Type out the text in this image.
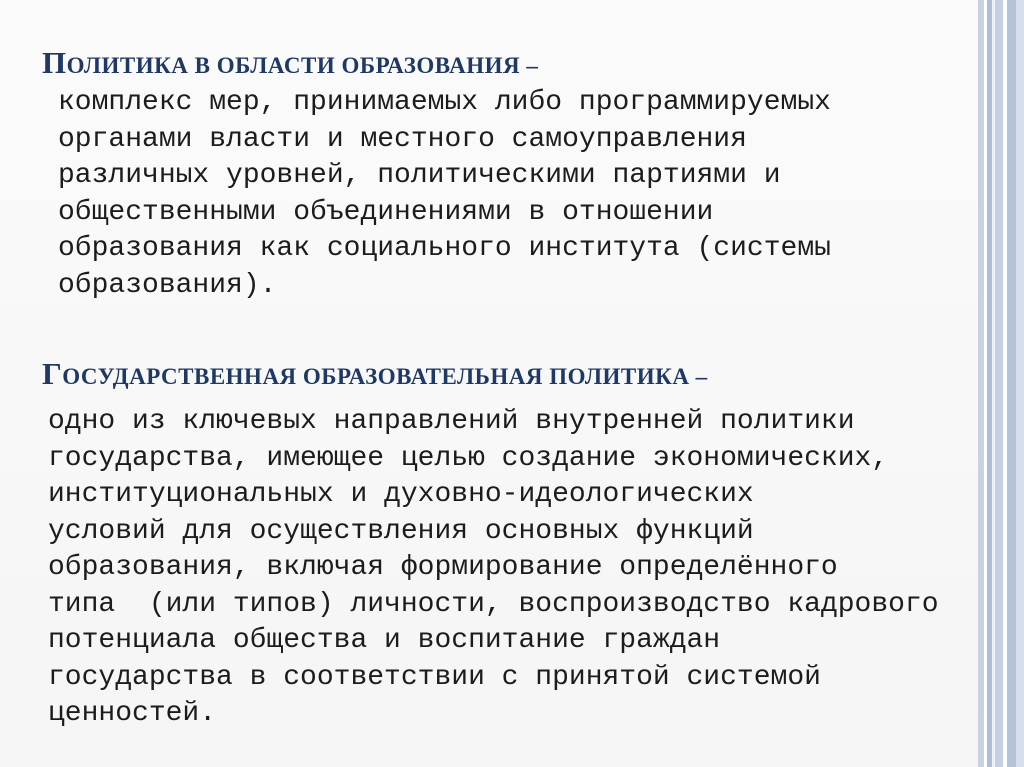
ПОЛИТИКА В ОБЛАСТИ ОБРАЗОВАНИЯ –
комплекс мер, принимаемых либо программируемых
органами власти и местного самоуправления
различных уровней, политическими партиями и
общественными объединениями в отношении
образования как социального института (системы
образования).
ГОСУДАРСТВЕННАЯ ОБРАЗОВАТЕЛЬНАЯ ПОЛИТИКА –
одно из ключевых направлений внутренней политики
государства, имеющее целью создание экономических,
институциональных и духовно-идеологических
условий для осуществления основных функций
образования, включая формирование определённого
типа  (или типов) личности, воспроизводство кадрового
потенциала общества и воспитание граждан
государства в соответствии с принятой системой
ценностей.
